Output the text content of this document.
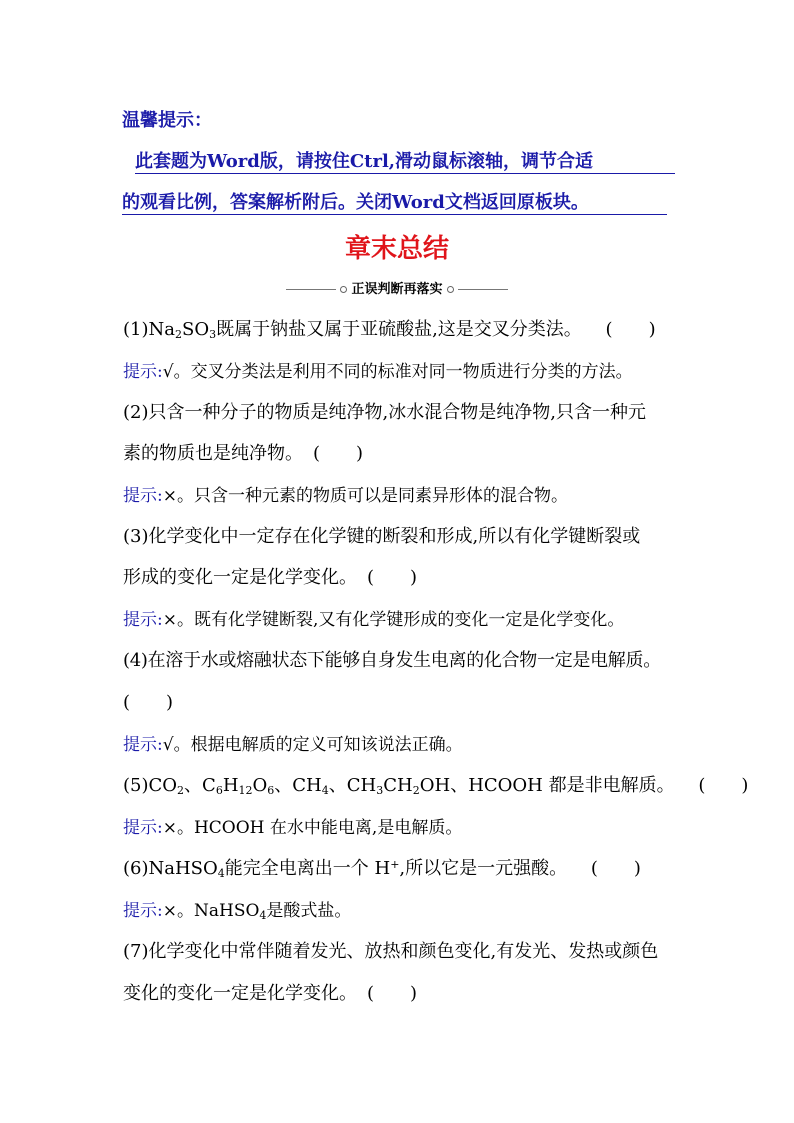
温馨提示：
此套题为Word版，请按住Ctrl,滑动鼠标滚轴，调节合适
的观看比例，答案解析附后。关闭Word文档返回原板块。
章末总结
正误判断再落实
$(1)Na_2SO_3$既属于钠盐又属于亚硫酸盐,这是交叉分类法。 (　　)
提示:√。交叉分类法是利用不同的标准对同一物质进行分类的方法。
(2)只含一种分子的物质是纯净物,冰水混合物是纯净物,只含一种元
素的物质也是纯净物。 (　　)
提示:×。只含一种元素的物质可以是同素异形体的混合物。
(3)化学变化中一定存在化学键的断裂和形成,所以有化学键断裂或
形成的变化一定是化学变化。 (　　)
提示:×。既有化学键断裂,又有化学键形成的变化一定是化学变化。
(4)在溶于水或熔融状态下能够自身发生电离的化合物一定是电解质。
(　　)
提示:√。根据电解质的定义可知该说法正确。
$(5)CO_2$、$C_6H_{12}O_6$、$CH_4$、$CH_3CH_2OH$、HCOOH 都是非电解质。 (　　)
提示:×。HCOOH 在水中能电离,是电解质。
(6)NaHSO$_4$能完全电离出一个 H+,所以它是一元强酸。 (　　)
提示:×。NaHSO$_4$是酸式盐。
(7)化学变化中常伴随着发光、放热和颜色变化,有发光、发热或颜色
变化的变化一定是化学变化。 (　　)
